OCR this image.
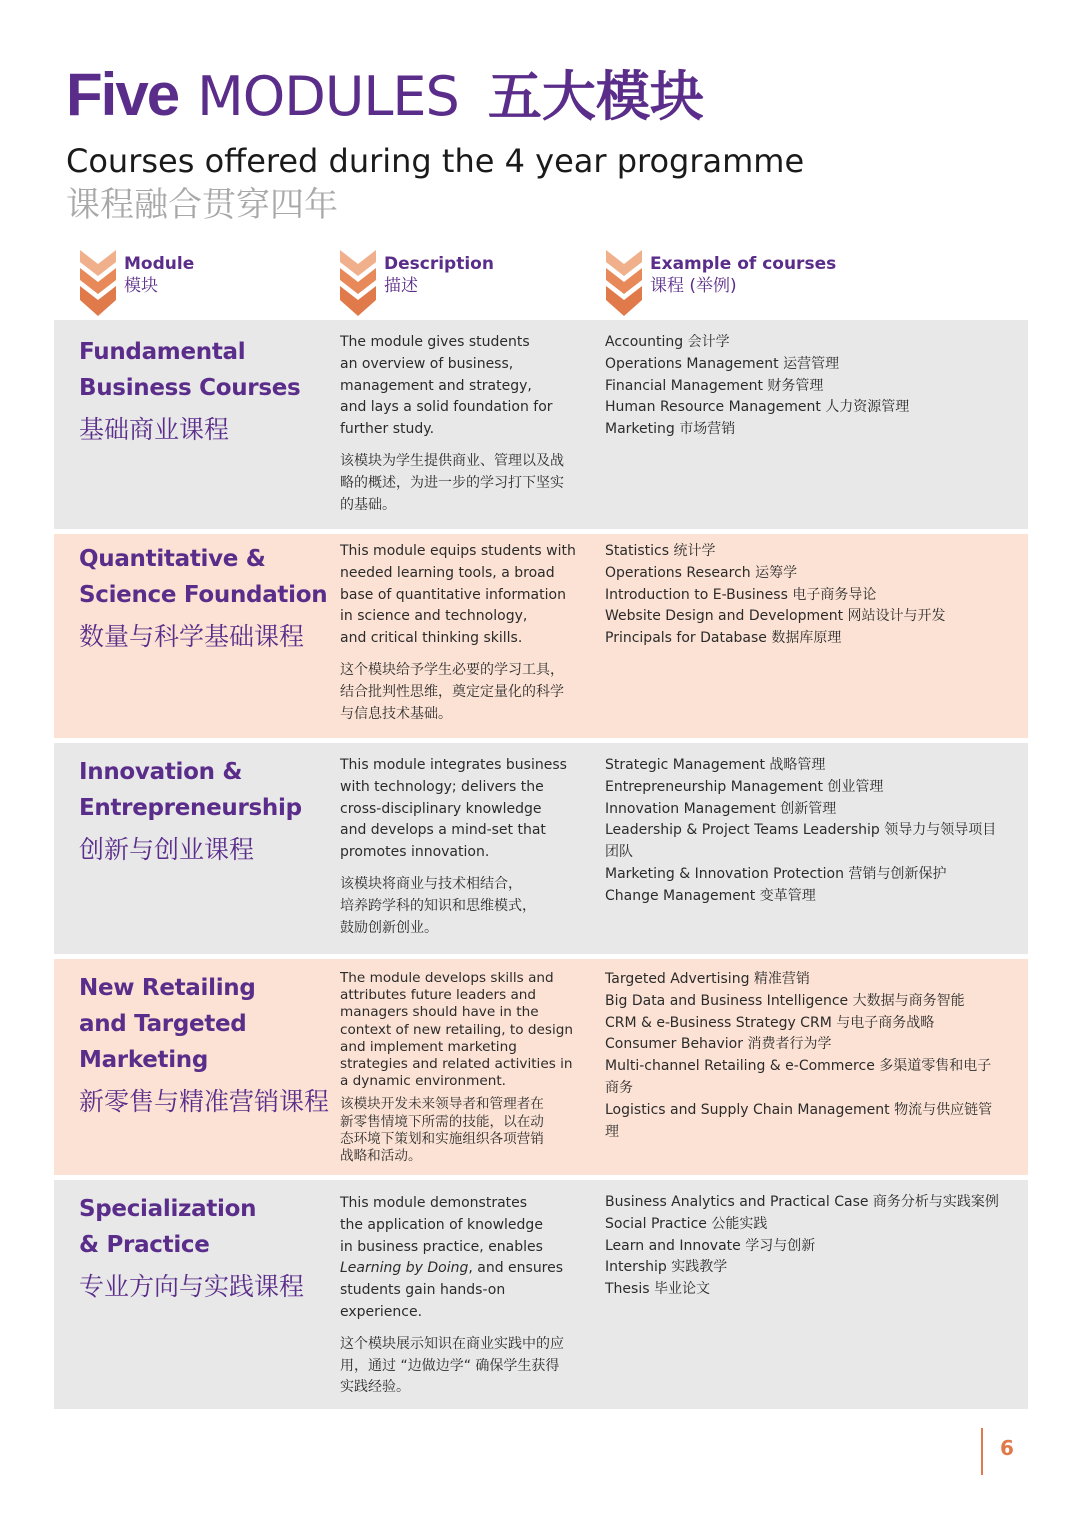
Five MODULES 五大模块
Courses offered during the 4 year programme
课程融合贯穿四年
Module
模块
Description
描述
Example of courses
课程 (举例)
Fundamental
Business Courses
基础商业课程
The module gives students
an overview of business,
management and strategy,
and lays a solid foundation for
further study.
该模块为学生提供商业、管理以及战
略的概述，为进一步的学习打下坚实
的基础。
Accounting 会计学
Operations Management 运营管理
Financial Management 财务管理
Human Resource Management 人力资源管理
Marketing 市场营销
Quantitative &
Science Foundation
数量与科学基础课程
This module equips students with
needed learning tools, a broad
base of quantitative information
in science and technology,
and critical thinking skills.
这个模块给予学生必要的学习工具，
结合批判性思维，奠定定量化的科学
与信息技术基础。
Statistics 统计学
Operations Research 运筹学
Introduction to E-Business 电子商务导论
Website Design and Development 网站设计与开发
Principals for Database 数据库原理
Innovation &
Entrepreneurship
创新与创业课程
This module integrates business
with technology; delivers the
cross-disciplinary knowledge
and develops a mind-set that
promotes innovation.
该模块将商业与技术相结合，
培养跨学科的知识和思维模式，
鼓励创新创业。
Strategic Management 战略管理
Entrepreneurship Management 创业管理
Innovation Management 创新管理
Leadership & Project Teams Leadership 领导力与领导项目
团队
Marketing & Innovation Protection 营销与创新保护
Change Management 变革管理
New Retailing
and Targeted
Marketing
新零售与精准营销课程
The module develops skills and
attributes future leaders and
managers should have in the
context of new retailing, to design
and implement marketing
strategies and related activities in
a dynamic environment.
该模块开发未来领导者和管理者在
新零售情境下所需的技能，以在动
态环境下策划和实施组织各项营销
战略和活动。
Targeted Advertising 精准营销
Big Data and Business Intelligence 大数据与商务智能
CRM & e-Business Strategy CRM 与电子商务战略
Consumer Behavior 消费者行为学
Multi-channel Retailing & e-Commerce 多渠道零售和电子
商务
Logistics and Supply Chain Management 物流与供应链管理
Specialization
& Practice
专业方向与实践课程
This module demonstrates
the application of knowledge
in business practice, enables
Learning by Doing, and ensures
students gain hands-on
experience.
这个模块展示知识在商业实践中的应
用，通过 “边做边学“ 确保学生获得
实践经验。
Business Analytics and Practical Case 商务分析与实践案例
Social Practice 公能实践
Learn and Innovate 学习与创新
Intership 实践教学
Thesis 毕业论文
6
